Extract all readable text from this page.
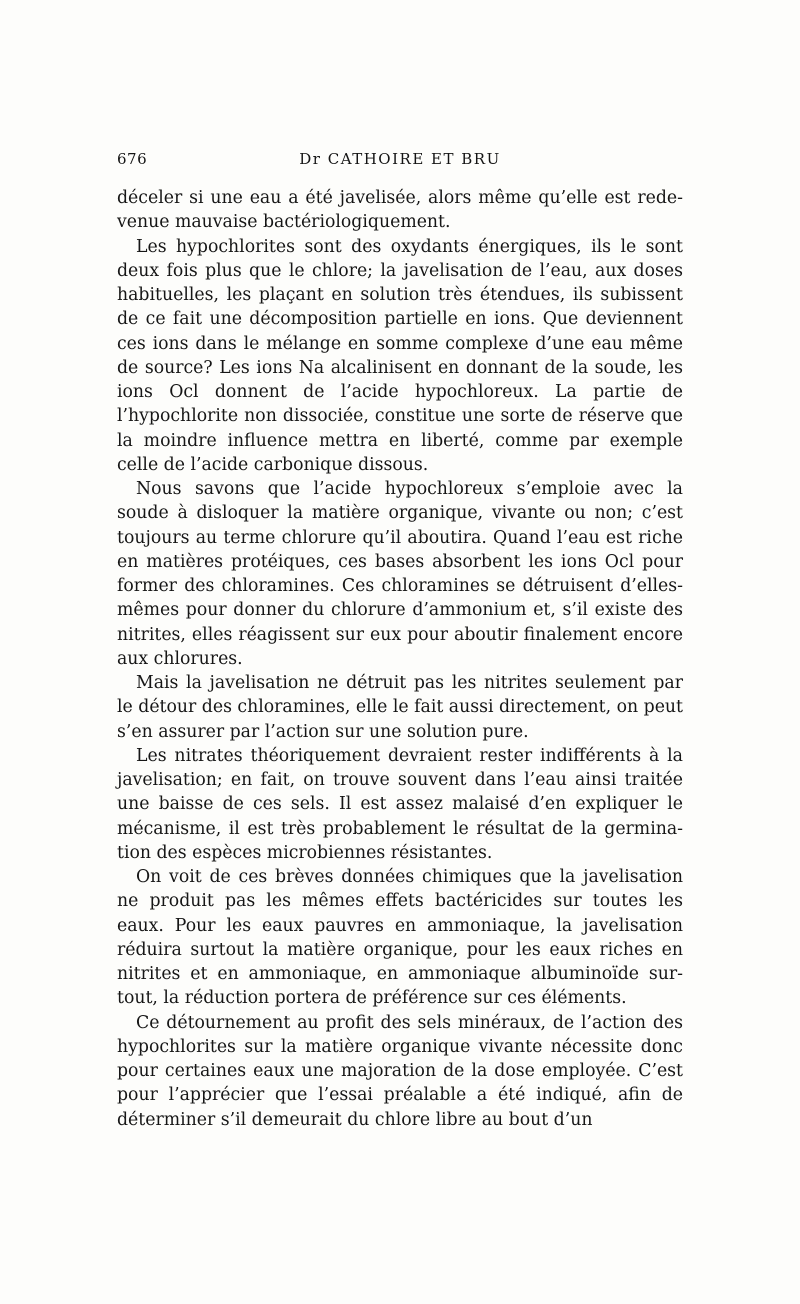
676	Dr CATHOIRE ET BRU

déceler si une eau a été javelisée, alors même qu’elle est redevenue mauvaise bactériologiquement.

Les hypochlorites sont des oxydants énergiques, ils le sont deux fois plus que le chlore; la javelisation de l’eau, aux doses habituelles, les plaçant en solution très étendues, ils subissent de ce fait une décomposition partielle en ions. Que deviennent ces ions dans le mélange en somme complexe d’une eau même de source? Les ions Na alcalinisent en donnant de la soude, les ions Ocl donnent de l’acide hypochloreux. La partie de l’hypochlorite non dissociée, constitue une sorte de réserve que la moindre influence mettra en liberté, comme par exemple celle de l’acide carbonique dissous.

Nous savons que l’acide hypochloreux s’emploie avec la soude à disloquer la matière organique, vivante ou non; c’est toujours au terme chlorure qu’il aboutira. Quand l’eau est riche en matières protéiques, ces bases absorbent les ions Ocl pour former des chloramines. Ces chloramines se détruisent d’elles-mêmes pour donner du chlorure d’ammonium et, s’il existe des nitrites, elles réagissent sur eux pour aboutir finalement encore aux chlorures.

Mais la javelisation ne détruit pas les nitrites seulement par le détour des chloramines, elle le fait aussi directement, on peut s’en assurer par l’action sur une solution pure.

Les nitrates théoriquement devraient rester indifférents à la javelisation; en fait, on trouve souvent dans l’eau ainsi traitée une baisse de ces sels. Il est assez malaisé d’en expliquer le mécanisme, il est très probablement le résultat de la germination des espèces microbiennes résistantes.

On voit de ces brèves données chimiques que la javelisation ne produit pas les mêmes effets bactéricides sur toutes les eaux. Pour les eaux pauvres en ammoniaque, la javelisation réduira surtout la matière organique, pour les eaux riches en nitrites et en ammoniaque, en ammoniaque albuminoïde surtout, la réduction portera de préférence sur ces éléments.

Ce détournement au profit des sels minéraux, de l’action des hypochlorites sur la matière organique vivante nécessite donc pour certaines eaux une majoration de la dose employée. C’est pour l’apprécier que l’essai préalable a été indiqué, afin de déterminer s’il demeurait du chlore libre au bout d’un
